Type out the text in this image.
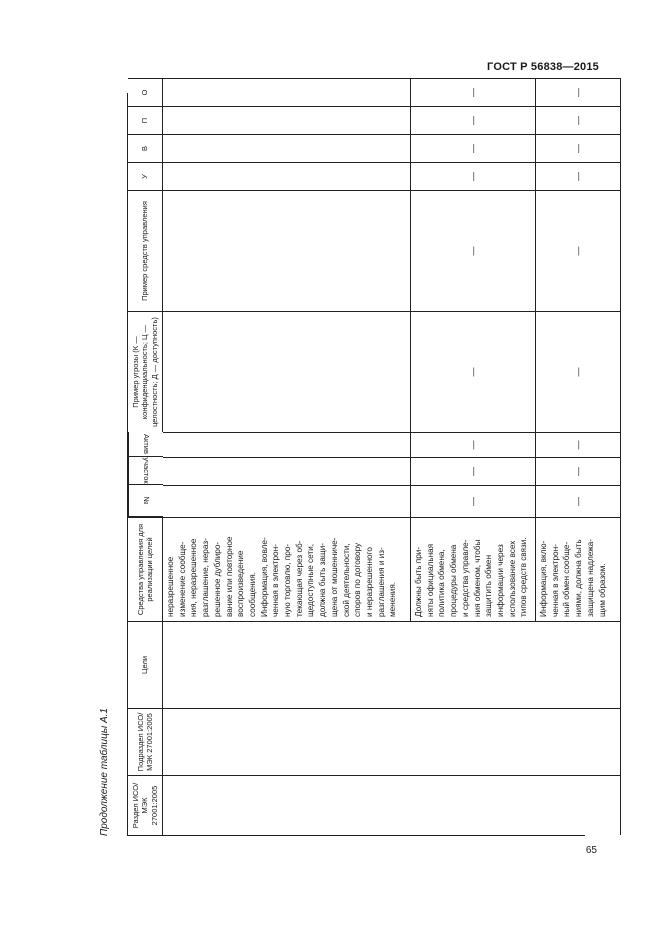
ГОСТ Р 56838—2015
Продолжение таблицы А.1	Раздел ИСО/МЭК 27001:2005
Подраздел ИСО/МЭК 27001:2005
Цели
Средства управления для реализации целей
№
участок
Актив
Пример угрозы (К — конфиденциальность; Ц — целостность; Д — доступность)
Пример средств управления
У
В
П
О
неразрешенное
изменение сообще-
ния, неразрешенное
разглашение, нераз-
решенное дублиро-
вание или повторное
воспроизведение
сообщения.
Информация, вовле-
ченная в электрон-
ную торговлю, про-
текающая через об-
щедоступные сети,
должна быть защи-
щена от мошенниче-
ской деятельности,
споров по договору
и неразрешенного
разглашения и из-
менения.	Должны быть при-
няты официальная
политика обмена,
процедуры обмена
и средства управле-
ния обменом, чтобы
защитить обмен
информации через
использование всех
типов средств связи.
—
—
—
—
—
—
—
—
—
Информация, вклю-
ченная в электрон-
ный обмен сообще-
ниями, должна быть
защищена надлежа-
щим образом.
—
—
—
—
—
—
—
—
—
65
